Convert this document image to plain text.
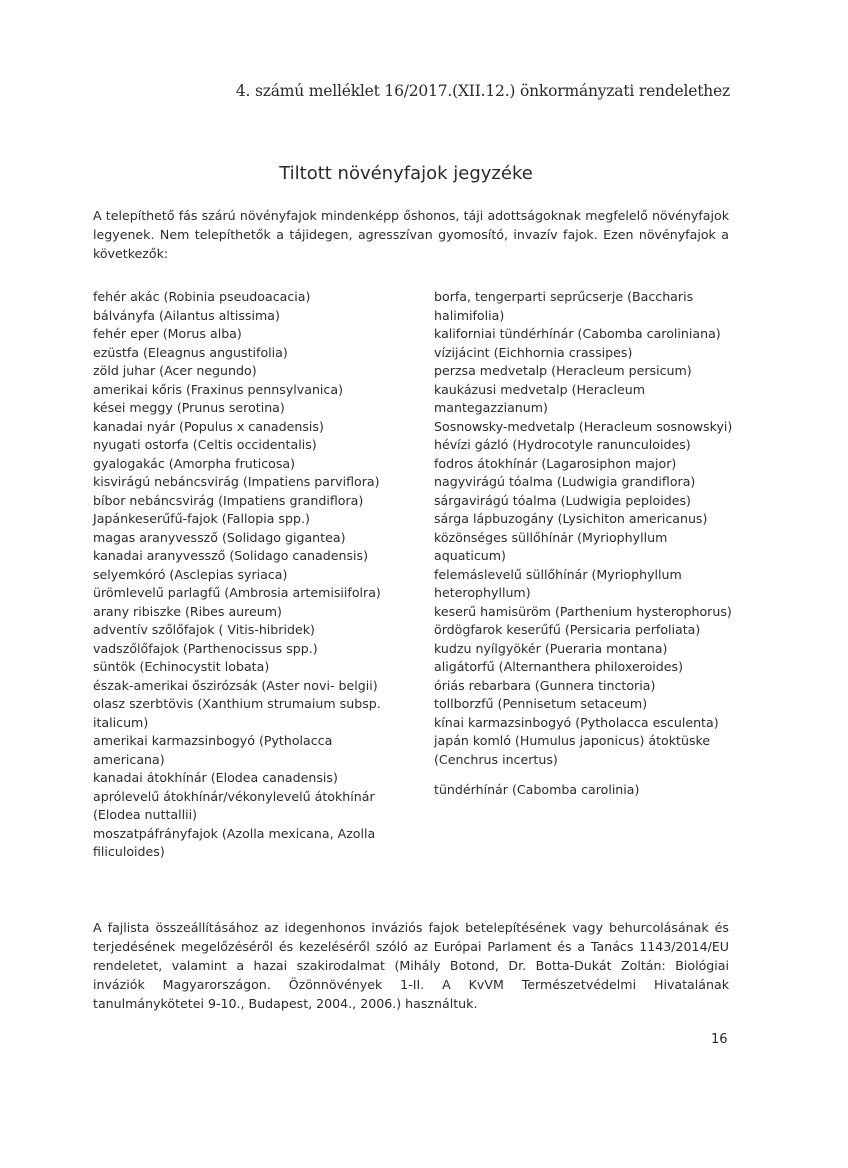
4. számú melléklet 16/2017.(XII.12.) önkormányzati rendelethez
Tiltott növényfajok jegyzéke
A telepíthető fás szárú növényfajok mindenképp őshonos, táji adottságoknak megfelelő növényfajok legyenek. Nem telepíthetők a tájidegen, agresszívan gyomosító, invazív fajok. Ezen növényfajok a következők:
fehér akác (Robinia pseudoacacia)
bálványfa (Ailantus altissima)
fehér eper (Morus alba)
ezüstfa (Eleagnus angustifolia)
zöld juhar (Acer negundo)
amerikai kőris (Fraxinus pennsylvanica)
kései meggy (Prunus serotina)
kanadai nyár (Populus x canadensis)
nyugati ostorfa (Celtis occidentalis)
gyalogakác (Amorpha fruticosa)
kisvirágú nebáncsvirág (Impatiens parviflora)
bíbor nebáncsvirág (Impatiens grandiflora)
Japánkeserűfű-fajok (Fallopia spp.)
magas aranyvessző (Solidago gigantea)
kanadai aranyvessző (Solidago canadensis)
selyemkóró (Asclepias syriaca)
ürömlevelű parlagfű (Ambrosia artemisiifolra)
arany ribiszke (Ribes aureum)
adventív szőlőfajok ( Vitis-hibridek)
vadszőlőfajok (Parthenocissus spp.)
süntök (Echinocystit lobata)
észak-amerikai őszirózsák (Aster novi- belgii)
olasz szerbtövis (Xanthium strumaium subsp. italicum)
amerikai karmazsinbogyó (Pytholacca americana)
kanadai átokhínár (Elodea canadensis)
aprólevelű átokhínár/vékonylevelű átokhínár (Elodea nuttallii)
moszatpáfrányfajok (Azolla mexicana, Azolla filiculoides)
borfa, tengerparti seprűcserje (Baccharis halimifolia)
kaliforniai tündérhínár (Cabomba caroliniana)
vízijácint (Eichhornia crassipes)
perzsa medvetalp (Heracleum persicum)
kaukázusi medvetalp (Heracleum mantegazzianum)
Sosnowsky-medvetalp (Heracleum sosnowskyi)
hévízi gázló (Hydrocotyle ranunculoides)
fodros átokhínár (Lagarosiphon major)
nagyvirágú tóalma (Ludwigia grandiflora)
sárgavirágú tóalma (Ludwigia peploides)
sárga lápbuzogány (Lysichiton americanus)
közönséges süllőhínár (Myriophyllum aquaticum)
felemáslevelű süllőhínár (Myriophyllum heterophyllum)
keserű hamisüröm (Parthenium hysterophorus)
ördögfarok keserűfű (Persicaria perfoliata)
kudzu nyílgyökér (Pueraria montana)
aligátorfű (Alternanthera philoxeroides)
óriás rebarbara (Gunnera tinctoria)
tollborzfű (Pennisetum setaceum)
kínai karmazsinbogyó (Pytholacca esculenta)
japán komló (Humulus japonicus) átoktüske (Cenchrus incertus)
tündérhínár (Cabomba carolinia)
A fajlista összeállításához az idegenhonos inváziós fajok betelepítésének vagy behurcolásának és terjedésének megelőzéséről és kezeléséről szóló az Európai Parlament és a Tanács 1143/2014/EU rendeletet, valamint a hazai szakirodalmat (Mihály Botond, Dr. Botta-Dukát Zoltán: Biológiai inváziók Magyarországon. Özönnövények 1-II. A KvVM Természetvédelmi Hivatalának tanulmánykötetei 9-10., Budapest, 2004., 2006.) használtuk.
16
